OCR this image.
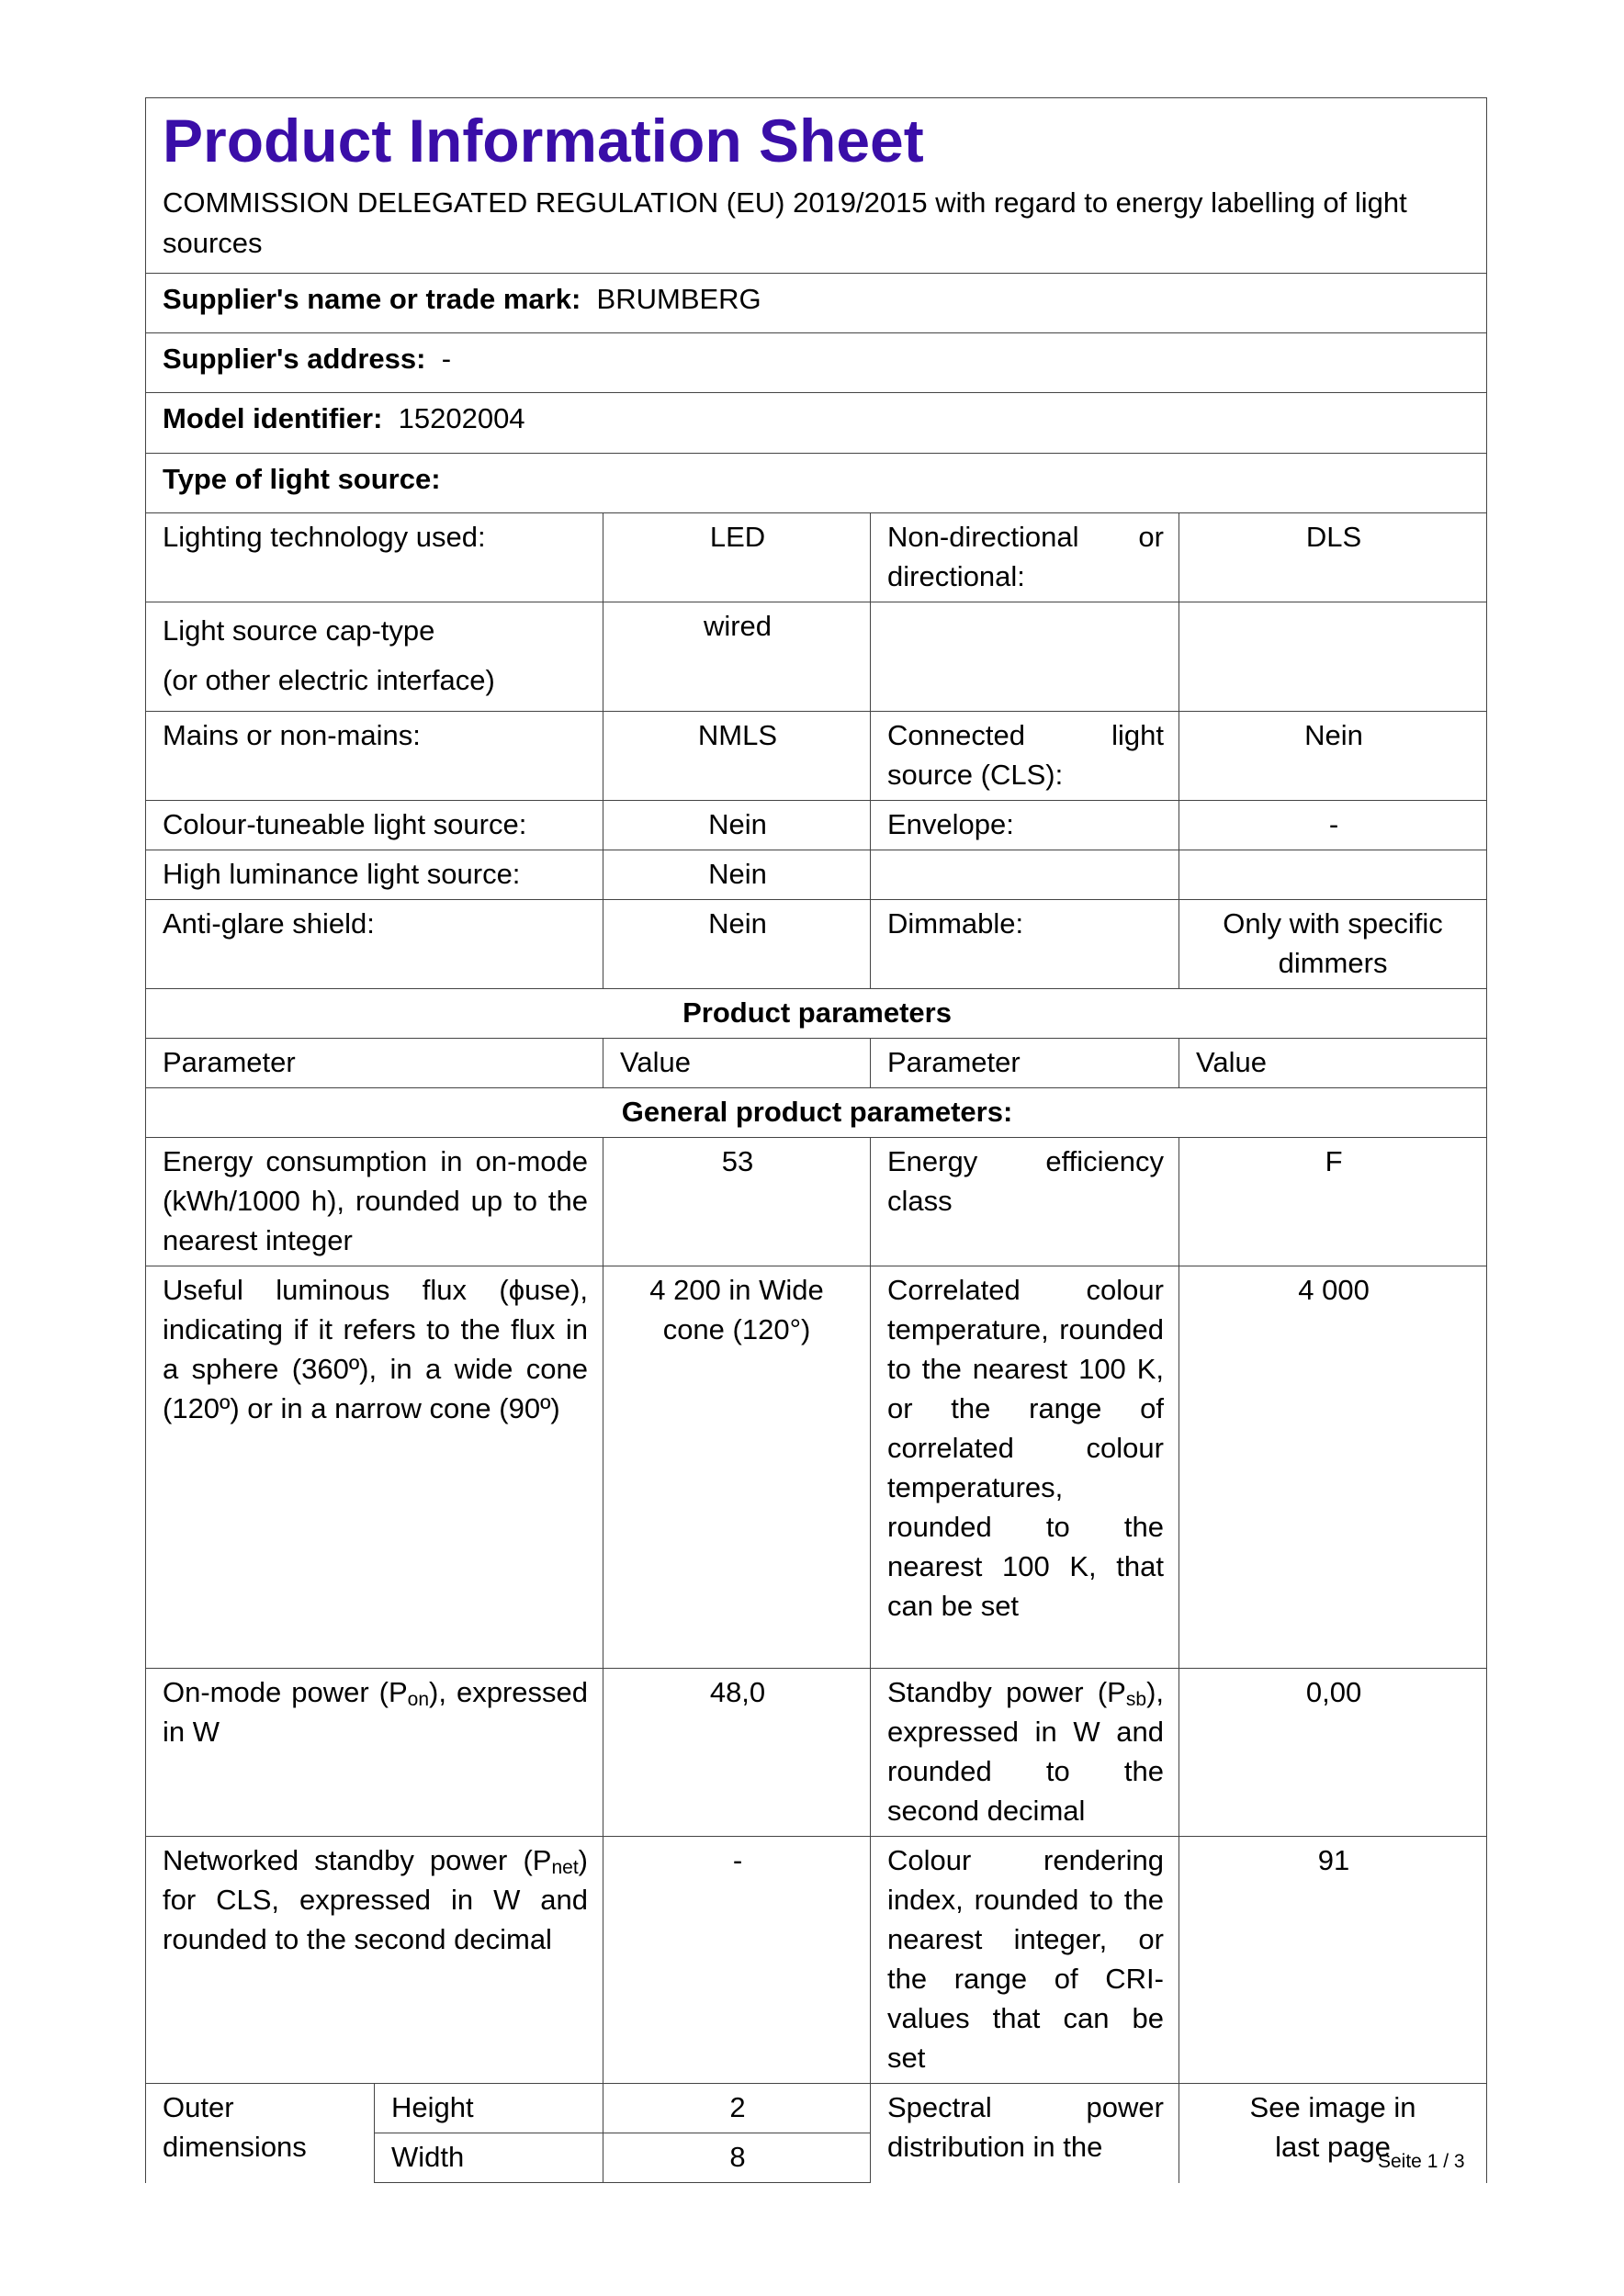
Product Information Sheet
COMMISSION DELEGATED REGULATION (EU) 2019/2015 with regard to energy labelling of light sources				

Supplier's name or trade mark: BRUMBERG				
Supplier's address: -				
Model identifier: 15202004				
Type of light source:				
Lighting technology used:		LED	Non-directional or directional:	DLS
Light source cap-type
(or other electric interface)		wired		
Mains or non-mains:		NMLS	Connected light source (CLS):	Nein
Colour-tuneable light source:		Nein	Envelope:	-
High luminance light source:		Nein		
Anti-glare shield:		Nein	Dimmable:	Only with specific dimmers
Product parameters				
Parameter		Value	Parameter	Value
General product parameters:				
Energy consumption in on-mode (kWh/1000 h), rounded up to the nearest integer		53	Energy efficiency class	F
Useful luminous flux (ϕuse), indicating if it refers to the flux in a sphere (360º), in a wide cone (120º) or in a narrow cone (90º)		4 200 in Wide cone (120°)	Correlated colour temperature, rounded to the nearest 100 K, or the range of correlated colour temperatures, rounded to the nearest 100 K, that can be set	4 000
On-mode power $(P_{on})$, expressed in W		48,0	Standby power $(P_{sb})$, expressed in W and rounded to the second decimal	0,00
Networked standby power $(P_{net})$ for CLS, expressed in W and rounded to the second decimal		-	Colour rendering index, rounded to the nearest integer, or the range of CRI-values that can be set	91
Outer dimensions	Height	2	Spectral power distribution in the	See image in last page
	Width	8			Seite 1 / 3
